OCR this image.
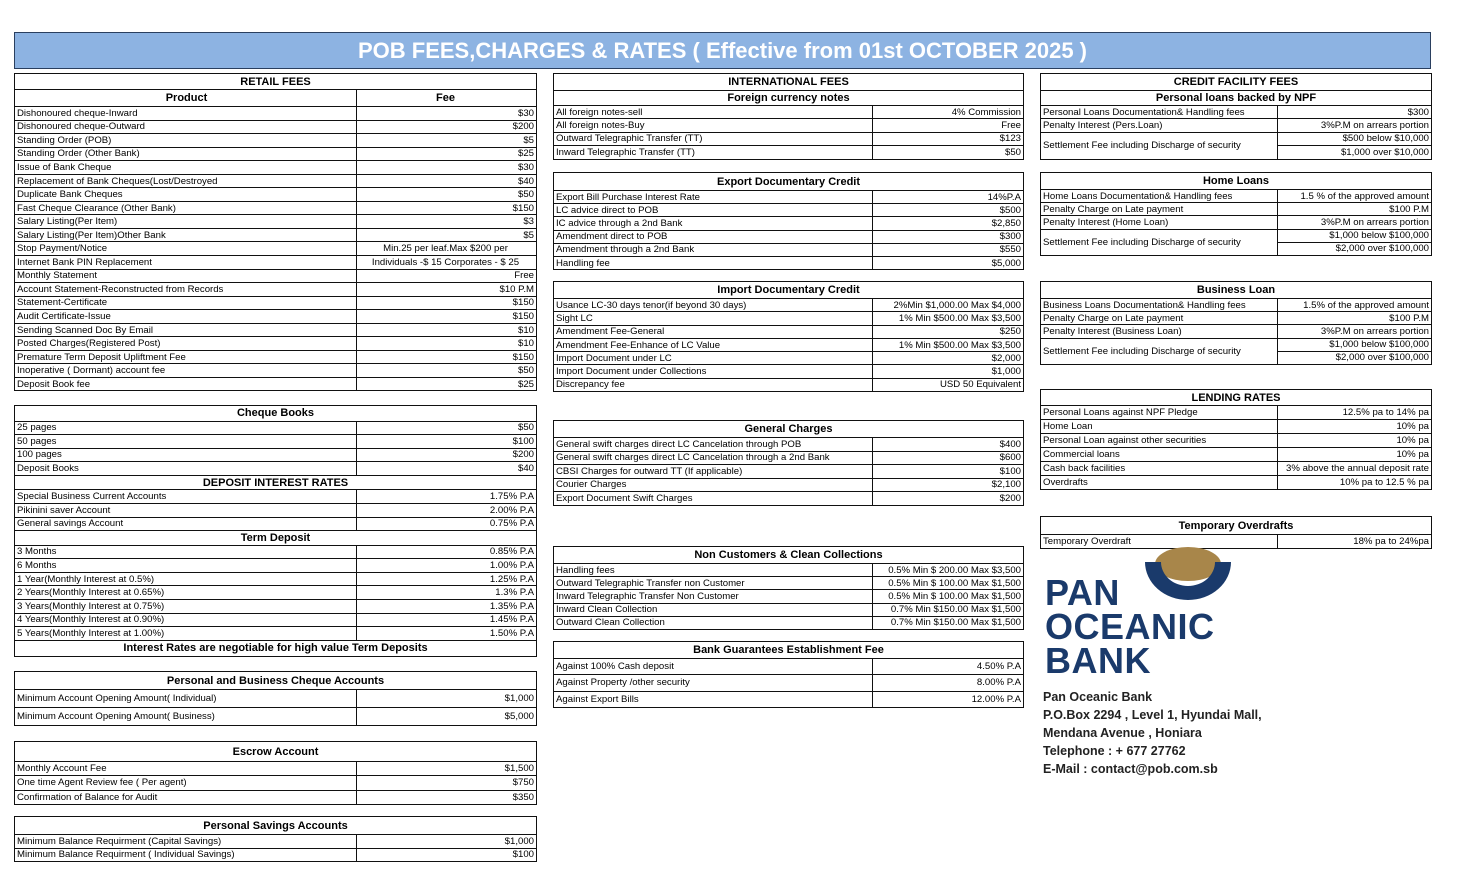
POB FEES,CHARGES & RATES ( Effective from 01st OCTOBER 2025 )
RETAIL FEES
Product	Fee
Dishonoured cheque-Inward	$30
Dishonoured cheque-Outward	$200
Standing Order (POB)	$5
Standing Order (Other Bank)	$25
Issue of Bank Cheque	$30
Replacement of Bank Cheques(Lost/Destroyed	$40
Duplicate Bank Cheques	$50
Fast Cheque Clearance (Other Bank)	$150
Salary Listing(Per Item)	$3
Salary Listing(Per Item)Other Bank	$5
Stop Payment/Notice	Min.25 per leaf.Max $200 per
Internet Bank PIN Replacement	Individuals -$ 15 Corporates - $ 25
Monthly Statement	Free
Account Statement-Reconstructed from Records	$10 P.M
Statement-Certificate	$150
Audit Certificate-Issue	$150
Sending Scanned Doc By Email	$10
Posted Charges(Registered Post)	$10
Premature Term Deposit Upliftment Fee	$150
Inoperative ( Dormant) account fee	$50
Deposit Book fee	$25
Cheque Books
25 pages	$50
50 pages	$100
100 pages	$200
Deposit Books	$40
DEPOSIT INTEREST RATES
Special Business Current Accounts	1.75% P.A
Pikinini saver Account	2.00% P.A
General savings Account	0.75% P.A
Term Deposit
3 Months	0.85% P.A
6 Months	1.00% P.A
1 Year(Monthly Interest at 0.5%)	1.25% P.A
2 Years(Monthly Interest at 0.65%)	1.3% P.A
3 Years(Monthly Interest at 0.75%)	1.35% P.A
4 Years(Monthly Interest at 0.90%)	1.45% P.A
5 Years(Monthly Interest at 1.00%)	1.50% P.A
Interest Rates are negotiable for high value Term Deposits
Personal and Business Cheque Accounts
Minimum Account Opening Amount( Individual)	$1,000
Minimum Account Opening Amount( Business)	$5,000
Escrow Account
Monthly Account Fee	$1,500
One time Agent Review fee ( Per agent)	$750
Confirmation of Balance for Audit	$350
Personal Savings Accounts
Minimum Balance Requirment (Capital Savings)	$1,000
Minimum Balance Requirment ( Individual Savings)	$100
INTERNATIONAL FEES
Foreign currency notes
All foreign notes-sell	4% Commission
All foreign notes-Buy	Free
Outward Telegraphic Transfer (TT)	$123
Inward Telegraphic Transfer (TT)	$50
Export Documentary Credit
Export Bill Purchase Interest Rate	14%P.A
LC advice direct to POB	$500
IC advice through a 2nd Bank	$2,850
Amendment direct to POB	$300
Amendment through a 2nd Bank	$550
Handling fee	$5,000
Import Documentary Credit
Usance LC-30 days tenor(if beyond 30 days)	2%Min $1,000.00 Max $4,000
Sight LC	1% Min $500.00 Max $3,500
Amendment Fee-General	$250
Amendment Fee-Enhance of LC Value	1% Min $500.00 Max $3,500
Import Document under LC	$2,000
Import Document under Collections	$1,000
Discrepancy fee	USD 50 Equivalent
General Charges
General swift charges direct LC Cancelation through POB	$400
General swift charges direct LC Cancelation through a 2nd Bank	$600
CBSI Charges for outward TT (If applicable)	$100
Courier Charges	$2,100
Export Document Swift Charges	$200
Non Customers & Clean Collections
Handling fees	0.5% Min $ 200.00 Max $3,500
Outward Telegraphic Transfer non Customer	0.5% Min $ 100.00 Max $1,500
Inward Telegraphic Transfer Non Customer	0.5% Min $ 100.00 Max $1,500
Inward Clean Collection	0.7% Min $150.00 Max $1,500
Outward Clean Collection	0.7% Min $150.00 Max $1,500
Bank Guarantees Establishment Fee
Against 100% Cash deposit	4.50% P.A
Against Property /other security	8.00% P.A
Against Export Bills	12.00% P.A
CREDIT FACILITY FEES
Personal loans backed by NPF
Personal Loans Documentation& Handling fees	$300
Penalty Interest (Pers.Loan)	3%P.M on arrears portion
Settlement Fee including Discharge of security
$500 below $10,000
$1,000 over $10,000
Home Loans
Home Loans Documentation& Handling fees	1.5 % of the approved amount
Penalty Charge on Late payment	$100 P.M
Penalty Interest (Home Loan)	3%P.M on arrears portion
Settlement Fee including Discharge of security
$1,000 below $100,000
$2,000 over $100,000
Business Loan
Business Loans Documentation& Handling fees	1.5% of the approved amount
Penalty Charge on Late payment	$100 P.M
Penalty Interest (Business Loan)	3%P.M on arrears portion
Settlement Fee including Discharge of security
$1,000 below $100,000
$2,000 over $100,000
LENDING RATES
Personal Loans against NPF Pledge	12.5% pa to 14% pa
Home Loan	10% pa
Personal Loan against other securities	10% pa
Commercial loans	10% pa
Cash back facilities	3% above the annual deposit rate
Overdrafts	10% pa to 12.5 % pa
Temporary Overdrafts
Temporary Overdraft	18% pa to 24%pa
PAN
OCEANIC
BANK
Pan Oceanic Bank
P.O.Box 2294 , Level 1, Hyundai Mall,
Mendana Avenue , Honiara
Telephone : + 677 27762
E-Mail : contact@pob.com.sb
